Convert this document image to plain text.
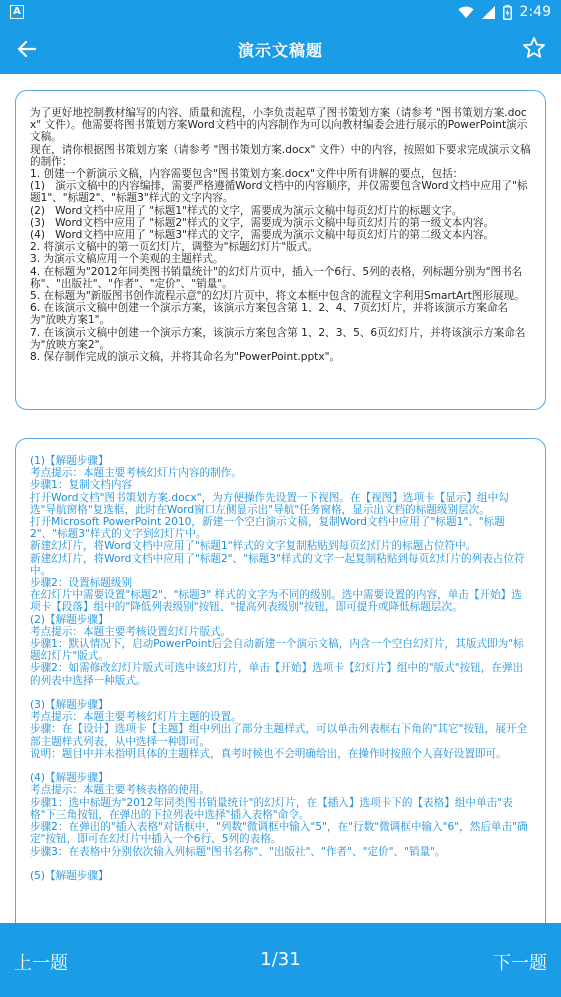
A	2:49
演示文稿题

为了更好地控制教材编写的内容、质量和流程，小李负责起草了图书策划方案（请参考 "图书策划方案.docx" 文件）。他需要将图书策划方案Word文档中的内容制作为可以向教材编委会进行展示的PowerPoint演示文稿。

现在，请你根据图书策划方案（请参考 "图书策划方案.docx" 文件）中的内容，按照如下要求完成演示文稿的制作：

1. 创建一个新演示文稿，内容需要包含"图书策划方案.docx"文件中所有讲解的要点，包括：

(1)   演示文稿中的内容编排，需要严格遵循Word文档中的内容顺序，并仅需要包含Word文档中应用了"标题1"、"标题2"、"标题3"样式的文字内容。

(2)   Word文档中应用了 "标题1"样式的文字，需要成为演示文稿中每页幻灯片的标题文字。

(3)   Word文档中应用了 "标题2"样式的文字，需要成为演示文稿中每页幻灯片的第一级文本内容。

(4)   Word文档中应用了 "标题3"样式的文字，需要成为演示文稿中每页幻灯片的第二级文本内容。

2. 将演示文稿中的第一页幻灯片，调整为"标题幻灯片"版式。

3. 为演示文稿应用一个美观的主题样式。

4. 在标题为"2012年同类图书销量统计"的幻灯片页中，插入一个6行、5列的表格，列标题分别为"图书名称"、"出版社"、"作者"、"定价"、"销量"。

5. 在标题为"新版图书创作流程示意"的幻灯片页中，将文本框中包含的流程文字利用SmartArt图形展现。

6. 在该演示文稿中创建一个演示方案，该演示方案包含第 1、2、4、7页幻灯片，并将该演示方案命名为"放映方案1"。

7. 在该演示文稿中创建一个演示方案，该演示方案包含第 1、2、3、5、6页幻灯片，并将该演示方案命名为"放映方案2"。

8. 保存制作完成的演示文稿，并将其命名为"PowerPoint.pptx"。

(1)【解题步骤】

考点提示：本题主要考核幻灯片内容的制作。

步骤1：复制文档内容

打开Word文档"图书策划方案.docx"，为方便操作先设置一下视图。在【视图】选项卡【显示】组中勾选"导航窗格"复选框，此时在Word窗口左侧显示出"导航"任务窗格，显示出文档的标题级别层次。

打开Microsoft PowerPoint 2010，新建一个空白演示文稿，复制Word文档中应用了"标题1"、"标题2"、"标题3"样式的文字到幻灯片中。

新建幻灯片，将Word文档中应用了"标题1"样式的文字复制粘贴到每页幻灯片的标题占位符中。

新建幻灯片，将Word文档中应用了"标题2"、"标题3"样式的文字一起复制粘贴到每页幻灯片的列表占位符中。

步骤2：设置标题级别

在幻灯片中需要设置"标题2"、"标题3" 样式的文字为不同的级别。选中需要设置的内容，单击【开始】选项卡【段落】组中的"降低列表级别"按钮、"提高列表级别"按钮，即可提升或降低标题层次。

(2)【解题步骤】

考点提示：本题主要考核设置幻灯片版式。

步骤1：默认情况下，启动PowerPoint后会自动新建一个演示文稿，内含一个空白幻灯片，其版式即为"标题幻灯片"版式。

步骤2：如需修改幻灯片版式可选中该幻灯片，单击【开始】选项卡【幻灯片】组中的"版式"按钮，在弹出的列表中选择一种版式。

(3)【解题步骤】

考点提示：本题主要考核幻灯片主题的设置。

步骤：在【设计】选项卡【主题】组中列出了部分主题样式，可以单击列表框右下角的"其它"按钮，展开全部主题样式列表，从中选择一种即可。

说明：题目中并未指明具体的主题样式，真考时候也不会明确给出，在操作时按照个人喜好设置即可。

(4)【解题步骤】

考点提示：本题主要考核表格的使用。

步骤1：选中标题为"2012年同类图书销量统计"的幻灯片，在【插入】选项卡下的【表格】组中单击"表格"下三角按钮，在弹出的下拉列表中选择"插入表格"命令。

步骤2：在弹出的"插入表格"对话框中，"列数"微调框中输入"5"，在"行数"微调框中输入"6"，然后单击"确定"按钮，即可在幻灯片中插入一个6行、5列的表格。

步骤3：在表格中分别依次输入列标题"图书名称"、"出版社"、"作者"、"定价"、"销量"。

(5)【解题步骤】

上一题	1/31	下一题
